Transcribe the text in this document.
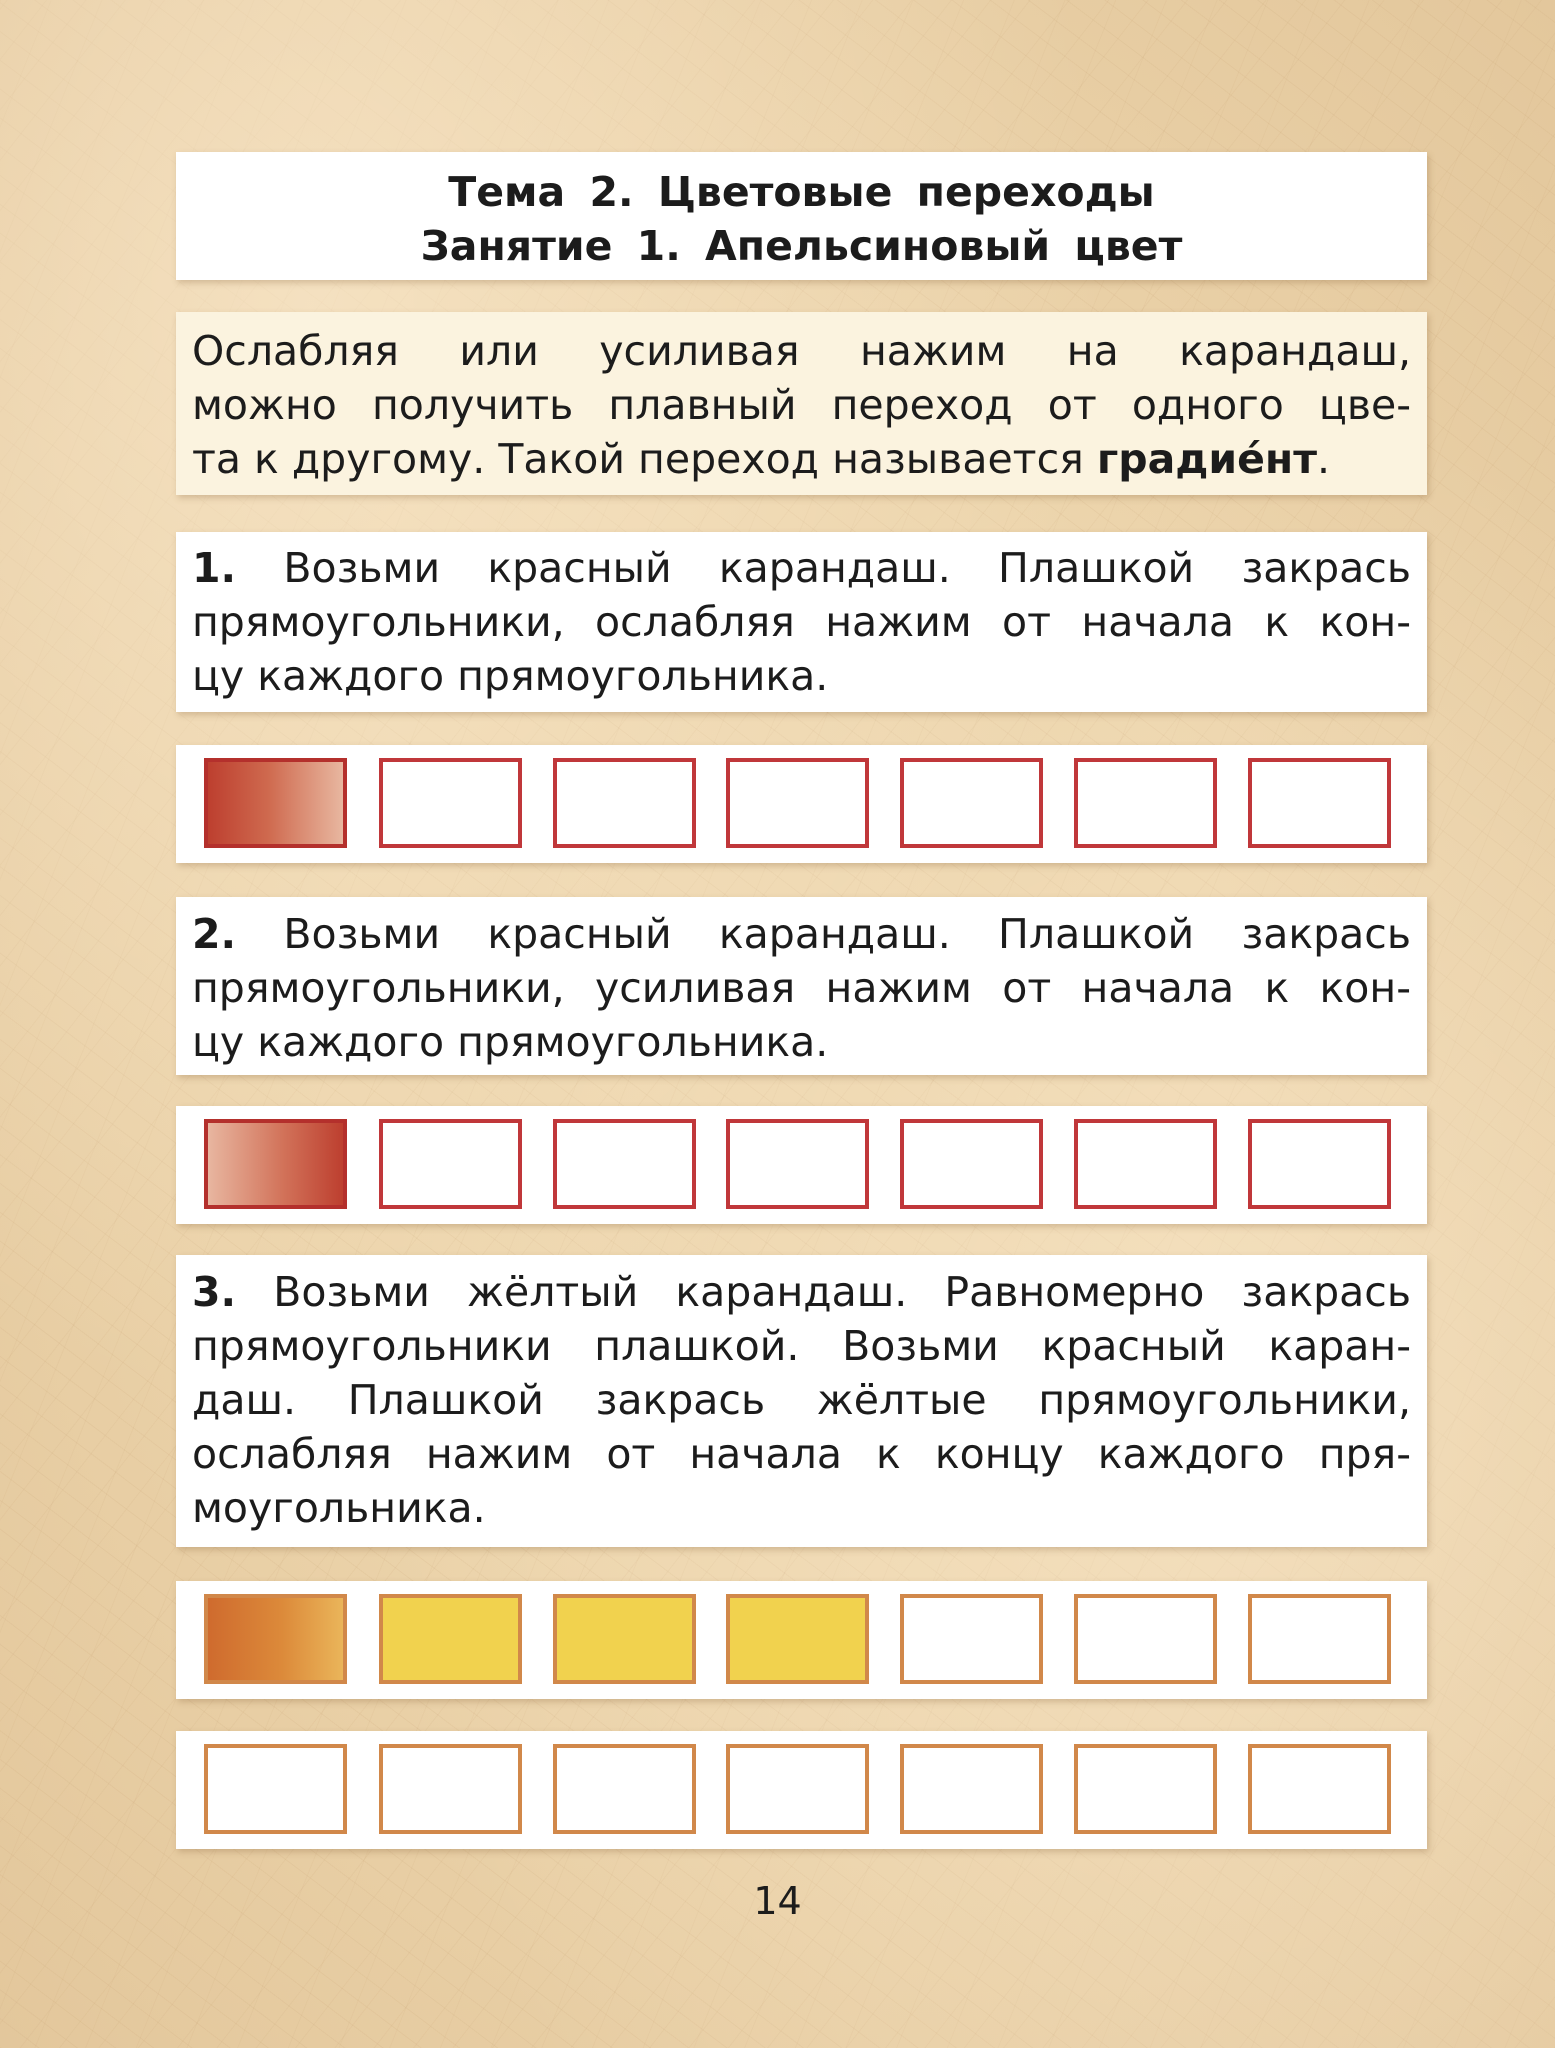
Тема 2. Цветовые переходы
Занятие 1. Апельсиновый цвет
Ослабляя или усиливая нажим на карандаш,
можно получить плавный переход от одного цве-
та к другому. Такой переход называется градие́нт.
1. Возьми красный карандаш. Плашкой закрась
прямоугольники, ослабляя нажим от начала к кон-
цу каждого прямоугольника.
2. Возьми красный карандаш. Плашкой закрась
прямоугольники, усиливая нажим от начала к кон-
цу каждого прямоугольника.
3. Возьми жёлтый карандаш. Равномерно закрась
прямоугольники плашкой. Возьми красный каран-
даш. Плашкой закрась жёлтые прямоугольники,
ослабляя нажим от начала к концу каждого пря-
моугольника.
14
